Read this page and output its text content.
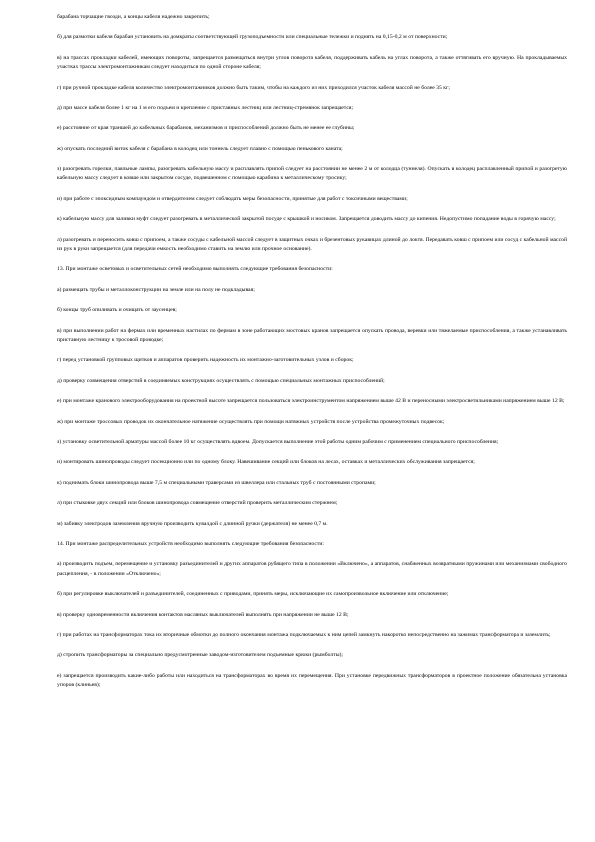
барабана торчащие гвозди, а концы кабеля надежно закрепить;

б) для размотки кабеля барабан установить на домкраты соответствующей грузоподъемности или специальные тележки и поднять на 0,15-0,2 м от поверхности;

в) на трассах прокладки кабелей, имеющих повороты, запрещается размещаться внутри углов поворота кабеля, поддерживать кабель на углах поворота, а также оттягивать его вручную. На прокладываемых участках трассы электромонтажникам следует находиться по одной стороне кабеля;

г) при ручной прокладке кабеля количество электромонтажников должно быть таким, чтобы на каждого из них приходился участок кабеля массой не более 35 кг;

д) при массе кабеля более 1 кг на 1 м его подъем и крепление с приставных лестниц или лестниц-стремянок запрещается;

е) расстояние от края траншей до кабельных барабанов, механизмов и приспособлений должно быть не менее ее глубины;

ж) опускать последний виток кабеля с барабана в колодец или тоннель следует плавно с помощью пенькового каната;

з) разогревать горелки, паяльные лампы, разогревать кабельную массу и расплавлять припой следует на расстоянии не менее 2 м от колодца (туннеля). Опускать в колодец расплавленный припой и разогретую кабельную массу следует в ковше или закрытом сосуде, подвешенном с помощью карабина к металлическому тросику;

и) при работе с эпоксидным компаундом и отвердителем следует соблюдать меры безопасности, принятые для работ с токсичными веществами;

к) кабельную массу для заливки муфт следует разогревать в металлической закрытой посуде с крышкой и носиком. Запрещается доводить массу до кипения. Недопустимо попадание воды в горячую массу;

л) разогревать и переносить ковш с припоем, а также сосуды с кабельной массой следует в защитных очках и брезентовых рукавицах длиной до локтя. Передавать ковш с припоем или сосуд с кабельной массой из рук в руки запрещается (для передачи емкость необходимо ставить на землю или прочное основание).

13. При монтаже осветовых и осветительных сетей необходимо выполнять следующие требования безопасности:

а) размещать трубы и металлоконструкции на земле или на полу не подкладывая;

б) концы труб опиливать и очищать от заусенцев;

в) при выполнении работ на фермах или временных настилах по фермам в зоне работающих мостовых кранов запрещается опускать провода, веревки или тяжелаемые приспособления, а также устанавливать приставную лестницу к тросовой проводке;

г) перед установкой групповых щитков и аппаратов проверить надежность их монтажно-заготовительных узлов и сборок;

д) проверку совмещения отверстий в соединяемых конструкциях осуществлять с помощью специальных монтажных приспособлений;

е) при монтаже кранового электрооборудования на проектной высоте запрещается пользоваться электроинструментом напряжением выше 42 В и переносными электросветильниками напряжением выше 12 В;

ж) при монтаже троссовых проводок их окончательное натяжение осуществлять при помощи натяжных устройств после устройства промежуточных подвесок;

з) установку осветительной арматуры массой более 10 кг осуществлять вдвоем. Допускается выполнение этой работы одним рабочим с применением специального приспособления;

и) монтировать шинопроводы следует посекционно или по одному блоку. Навешивание секций или блоков на лесах, оставках и металлических обслуживания запрещается;

к) поднимать блоки шинопровода выше 7,5 м специальными траверсами из швеллера или стальных труб с постоянными стропами;

л) при стыковке двух секций или блоков шинопровода совмещение отверстий проверить металлическим стержнем;

м) забивку электродов заземления вручную производить кувалдой с длинной ручки (держателя) не менее 0,7 м.

14. При монтаже распределительных устройств необходимо выполнять следующие требования безопасности:

а) производить подъем, перемещение и установку разъединителей и других аппаратов рубящего типа в положении «Включено», а аппаратов, снабженных возвратными пружинами или механизмами свободного расцепления, - в положении «Отключено»;

б) при регулировке выключателей и разъединителей, соединенных с приводами, принять меры, исключающие их самопроизвольное включение или отключение;

в) проверку одновременности включения контактов масляных выключателей выполнять при напряжении не выше 12 В;

г) при работах на трансформаторах тока их вторичные обмотки до полного окончания монтажа подключаемых к ним цепей замкнуть накоротко непосредственно на зажимах трансформатора и заземлить;

д) стропить трансформаторы за специально предусмотренные заводом-изготовителем подъемные крюки (рымболты);

е) запрещается производить какие-либо работы или находиться на трансформаторах во время их перемещения. При установке передвижных трансформаторов в проектное положение обязательна установка упоров (клиньев);
